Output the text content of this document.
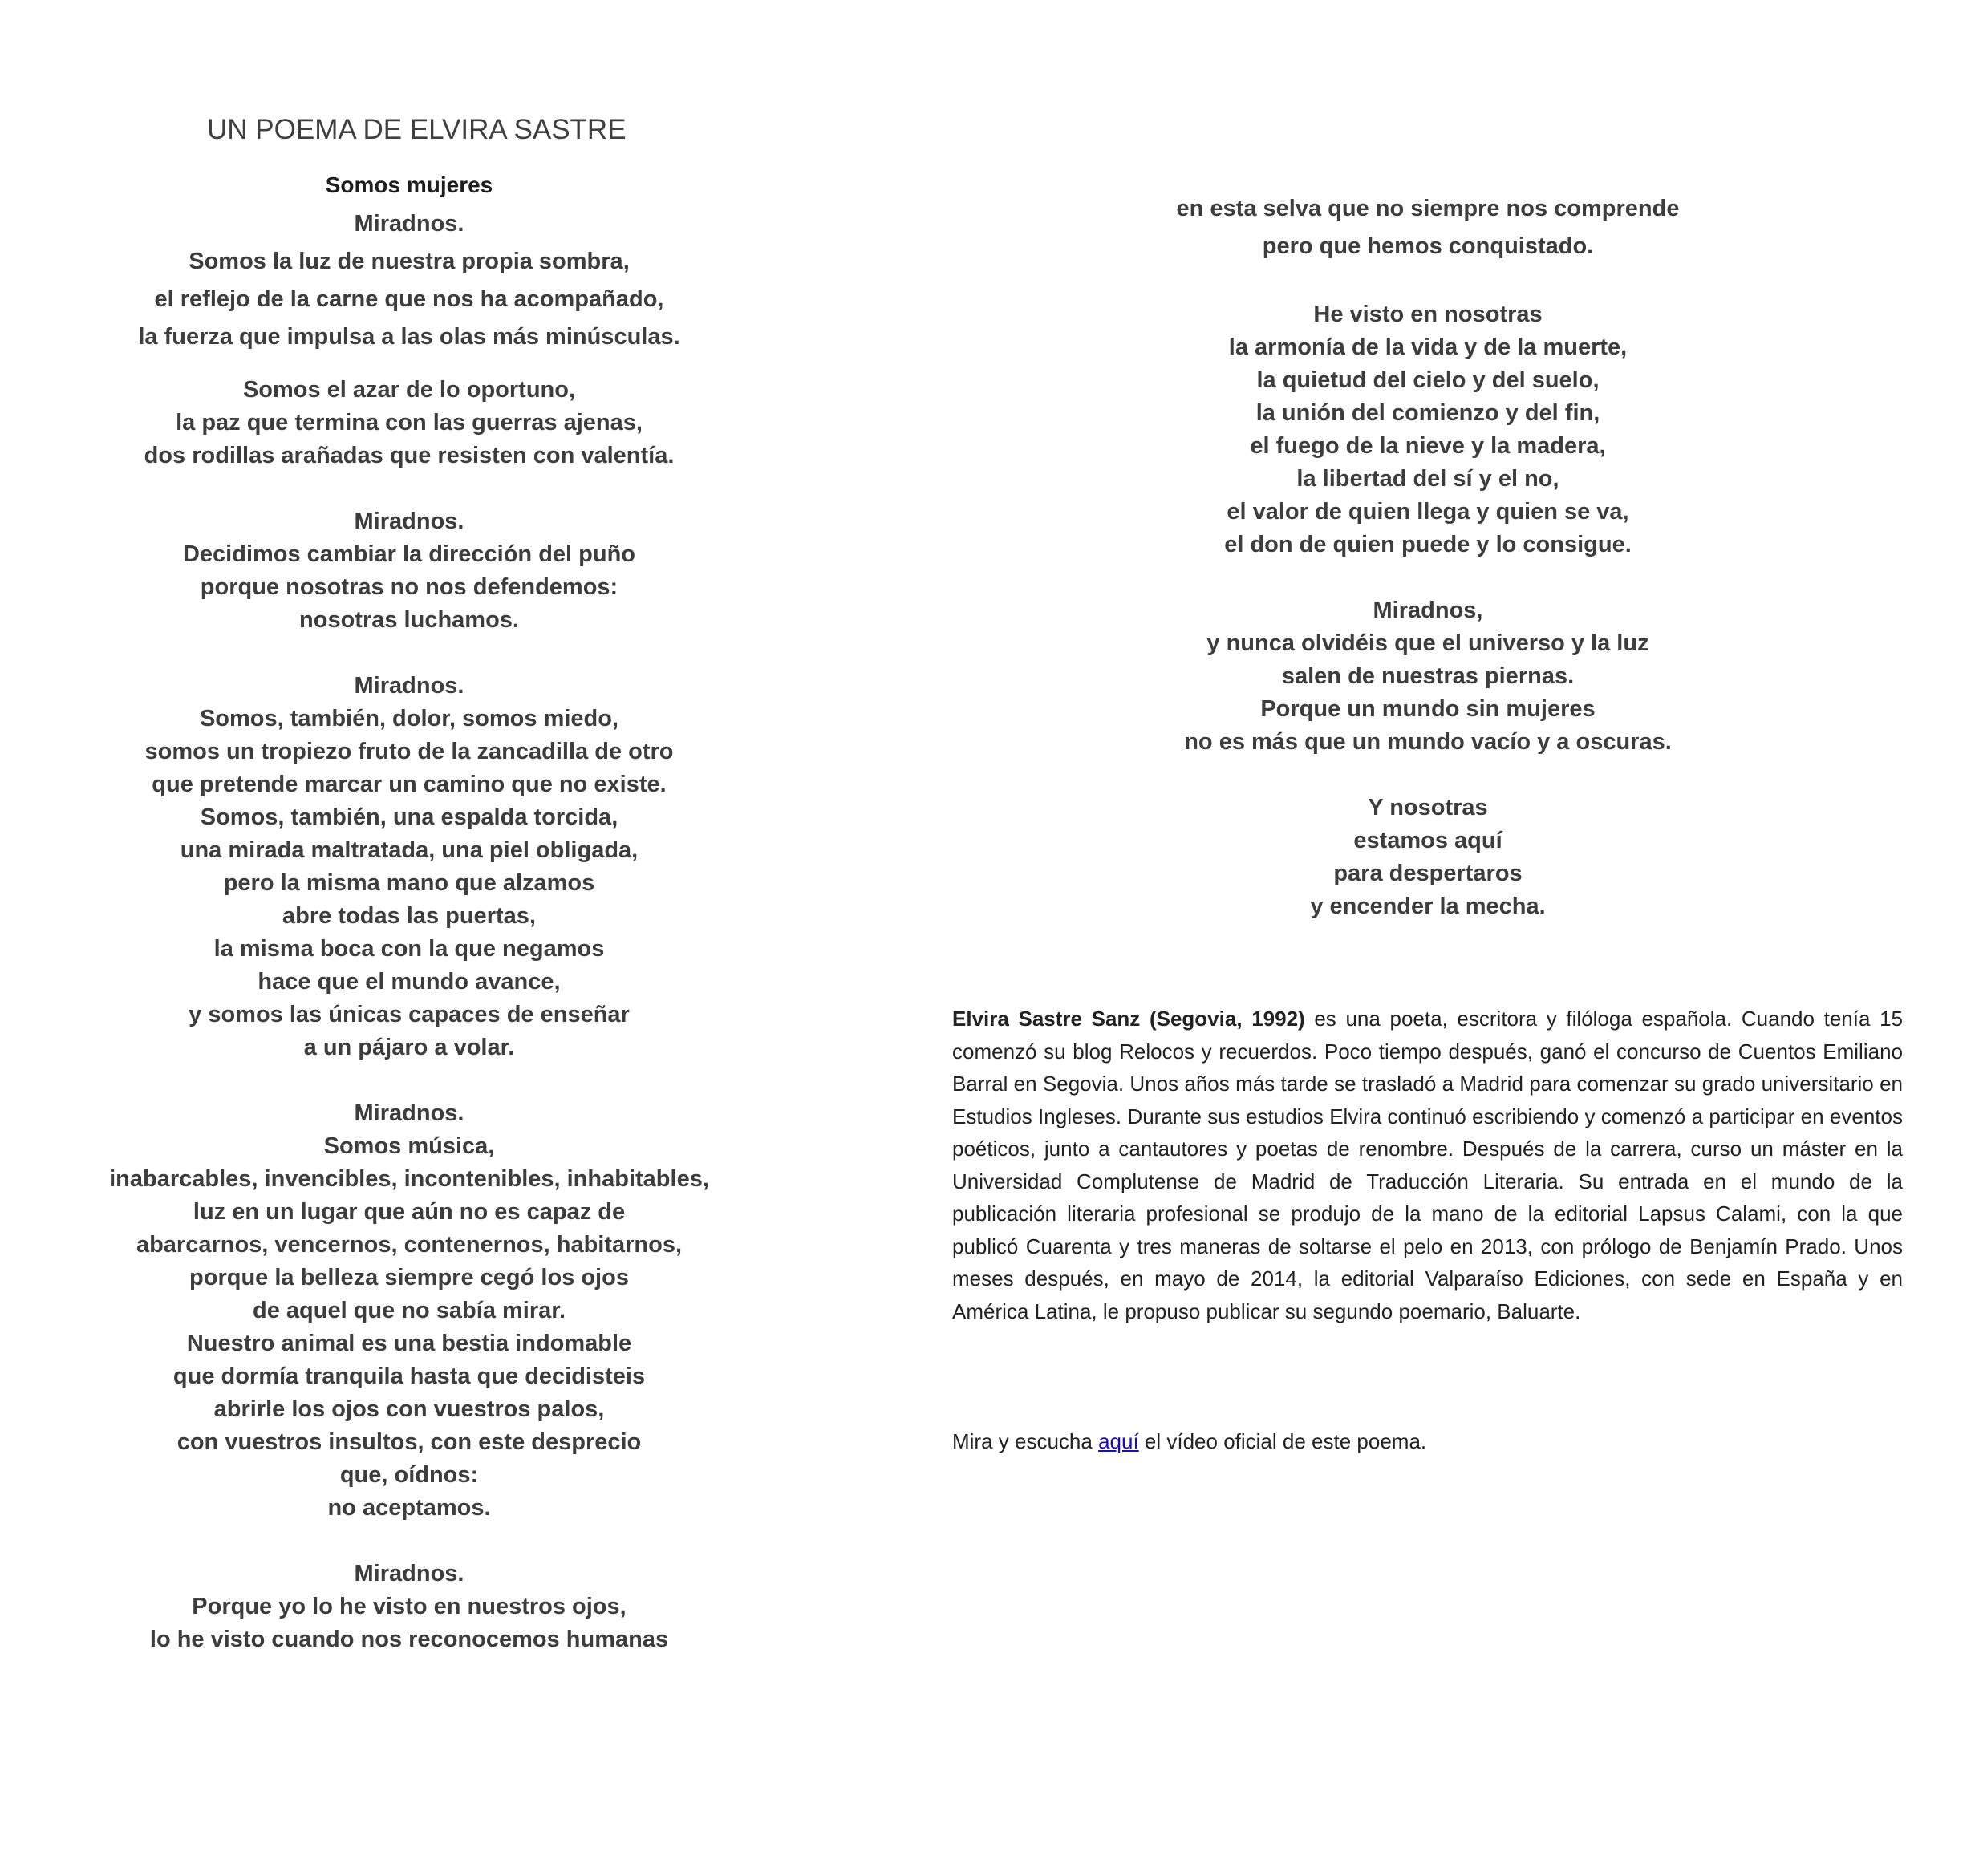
UN POEMA DE ELVIRA SASTRE
Somos mujeres
Miradnos.
Somos la luz de nuestra propia sombra,
el reflejo de la carne que nos ha acompañado,
la fuerza que impulsa a las olas más minúsculas.
Somos el azar de lo oportuno,
la paz que termina con las guerras ajenas,
dos rodillas arañadas que resisten con valentía.
Miradnos.
Decidimos cambiar la dirección del puño
porque nosotras no nos defendemos:
nosotras luchamos.
Miradnos.
Somos, también, dolor, somos miedo,
somos un tropiezo fruto de la zancadilla de otro
que pretende marcar un camino que no existe.
Somos, también, una espalda torcida,
una mirada maltratada, una piel obligada,
pero la misma mano que alzamos
abre todas las puertas,
la misma boca con la que negamos
hace que el mundo avance,
y somos las únicas capaces de enseñar
a un pájaro a volar.
Miradnos.
Somos música,
inabarcables, invencibles, incontenibles, inhabitables,
luz en un lugar que aún no es capaz de
abarcarnos, vencernos, contenernos, habitarnos,
porque la belleza siempre cegó los ojos
de aquel que no sabía mirar.
Nuestro animal es una bestia indomable
que dormía tranquila hasta que decidisteis
abrirle los ojos con vuestros palos,
con vuestros insultos, con este desprecio
que, oídnos:
no aceptamos.
Miradnos.
Porque yo lo he visto en nuestros ojos,
lo he visto cuando nos reconocemos humanas
en esta selva que no siempre nos comprende
pero que hemos conquistado.
He visto en nosotras
la armonía de la vida y de la muerte,
la quietud del cielo y del suelo,
la unión del comienzo y del fin,
el fuego de la nieve y la madera,
la libertad del sí y el no,
el valor de quien llega y quien se va,
el don de quien puede y lo consigue.
Miradnos,
y nunca olvidéis que el universo y la luz
salen de nuestras piernas.
Porque un mundo sin mujeres
no es más que un mundo vacío y a oscuras.
Y nosotras
estamos aquí
para despertaros
y encender la mecha.

Elvira Sastre Sanz (Segovia, 1992) es una poeta, escritora y filóloga española. Cuando tenía 15 comenzó su blog Relocos y recuerdos. Poco tiempo después, ganó el concurso de Cuentos Emiliano Barral en Segovia. Unos años más tarde se trasladó a Madrid para comenzar su grado universitario en Estudios Ingleses. Durante sus estudios Elvira continuó escribiendo y comenzó a participar en eventos poéticos, junto a cantautores y poetas de renombre. Después de la carrera, curso un máster en la Universidad Complutense de Madrid de Traducción Literaria. Su entrada en el mundo de la publicación literaria profesional se produjo de la mano de la editorial Lapsus Calami, con la que publicó Cuarenta y tres maneras de soltarse el pelo en 2013, con prólogo de Benjamín Prado. Unos meses después, en mayo de 2014, la editorial Valparaíso Ediciones, con sede en España y en América Latina, le propuso publicar su segundo poemario, Baluarte.

Mira y escucha aquí el vídeo oficial de este poema.
